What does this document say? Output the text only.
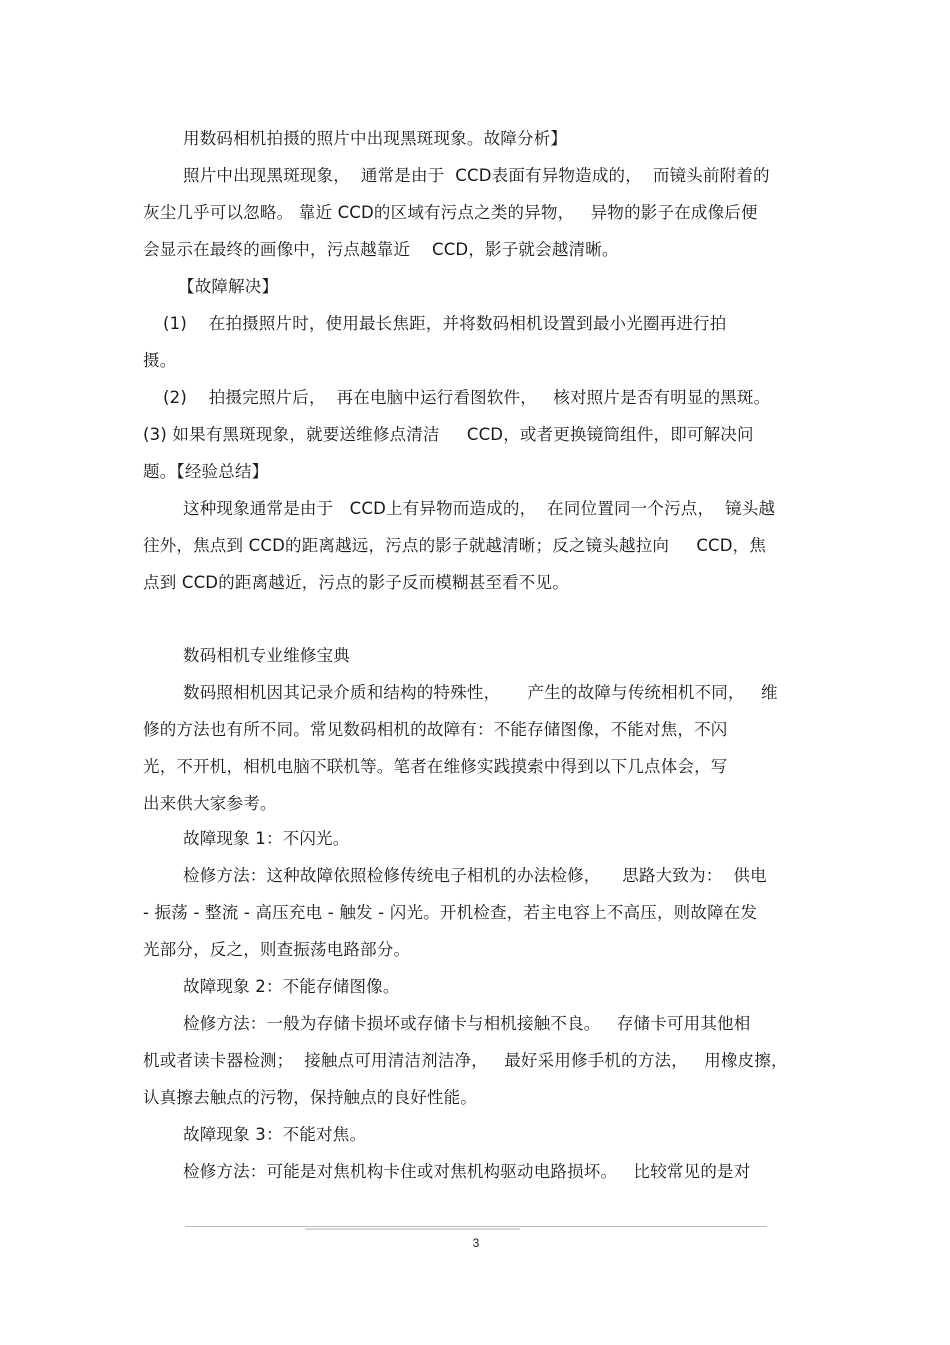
用数码相机拍摄的照片中出现黑斑现象。故障分析】
照片中出现黑斑现象，  通常是由于  CCD表面有异物造成的，  而镜头前附着的
灰尘几乎可以忽略。 靠近 CCD的区域有污点之类的异物，   异物的影子在成像后便
会显示在最终的画像中，污点越靠近    CCD，影子就会越清晰。
【故障解决】
(1)    在拍摄照片时，使用最长焦距，并将数码相机设置到最小光圈再进行拍
摄。
(2)    拍摄完照片后，  再在电脑中运行看图软件，   核对照片是否有明显的黑斑。
(3) 如果有黑斑现象，就要送维修点清洁     CCD，或者更换镜筒组件，即可解决问
题。【经验总结】
这种现象通常是由于   CCD上有异物而造成的，  在同位置同一个污点，  镜头越
往外，焦点到 CCD的距离越远，污点的影子就越清晰；反之镜头越拉向     CCD，焦
点到 CCD的距离越近，污点的影子反而模糊甚至看不见。
数码相机专业维修宝典
数码照相机因其记录介质和结构的特殊性，     产生的故障与传统相机不同，   维
修的方法也有所不同。常见数码相机的故障有：不能存储图像，不能对焦，不闪
光，不开机，相机电脑不联机等。笔者在维修实践摸索中得到以下几点体会，写
出来供大家参考。
故障现象 1：不闪光。
检修方法：这种故障依照检修传统电子相机的办法检修，    思路大致为：  供电
- 振荡 - 整流 - 高压充电 - 触发 - 闪光。开机检查，若主电容上不高压，则故障在发
光部分，反之，则查振荡电路部分。
故障现象 2：不能存储图像。
检修方法：一般为存储卡损坏或存储卡与相机接触不良。   存储卡可用其他相
机或者读卡器检测；  接触点可用清洁剂洁净，   最好采用修手机的方法，   用橡皮擦，
认真擦去触点的污物，保持触点的良好性能。
故障现象 3：不能对焦。
检修方法：可能是对焦机构卡住或对焦机构驱动电路损坏。   比较常见的是对
3
